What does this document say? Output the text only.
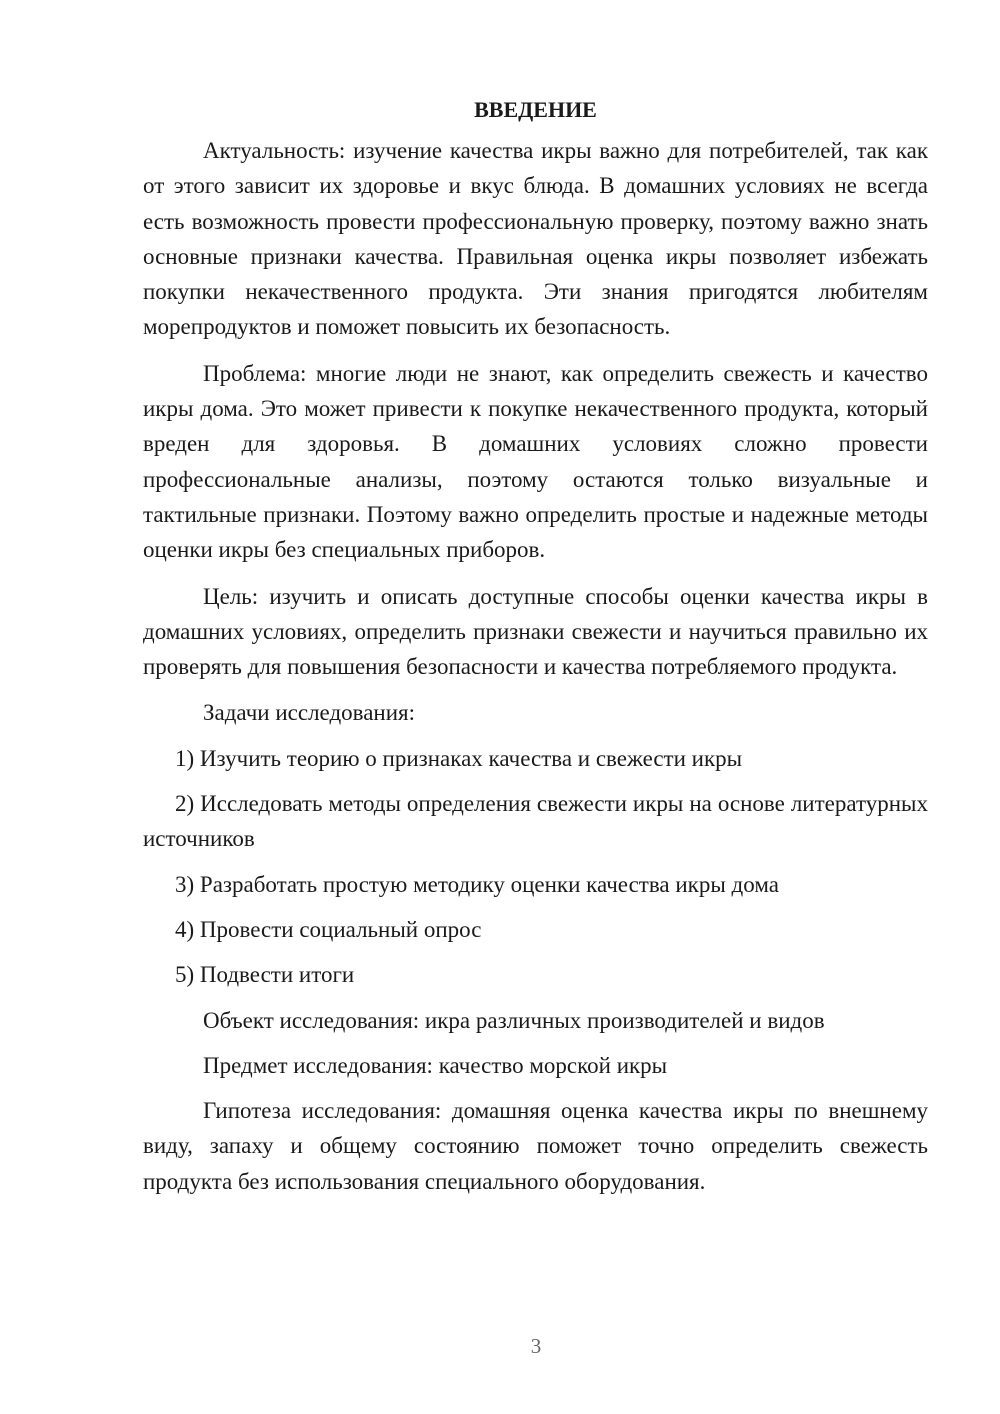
ВВЕДЕНИЕ

Актуальность: изучение качества икры важно для потребителей, так как от этого зависит их здоровье и вкус блюда. В домашних условиях не всегда есть возможность провести профессиональную проверку, поэтому важно знать основные признаки качества. Правильная оценка икры позволяет избежать покупки некачественного продукта. Эти знания пригодятся любителям морепродуктов и поможет повысить их безопасность.

Проблема: многие люди не знают, как определить свежесть и качество икры дома. Это может привести к покупке некачественного продукта, который вреден для здоровья. В домашних условиях сложно провести профессиональные анализы, поэтому остаются только визуальные и тактильные признаки. Поэтому важно определить простые и надежные методы оценки икры без специальных приборов.

Цель: изучить и описать доступные способы оценки качества икры в домашних условиях, определить признаки свежести и научиться правильно их проверять для повышения безопасности и качества потребляемого продукта.

Задачи исследования:

1) Изучить теорию о признаках качества и свежести икры

2) Исследовать методы определения свежести икры на основе литературных источников

3) Разработать простую методику оценки качества икры дома

4) Провести социальный опрос

5) Подвести итоги

Объект исследования: икра различных производителей и видов

Предмет исследования: качество морской икры

Гипотеза исследования: домашняя оценка качества икры по внешнему виду, запаху и общему состоянию поможет точно определить свежесть продукта без использования специального оборудования.

3
